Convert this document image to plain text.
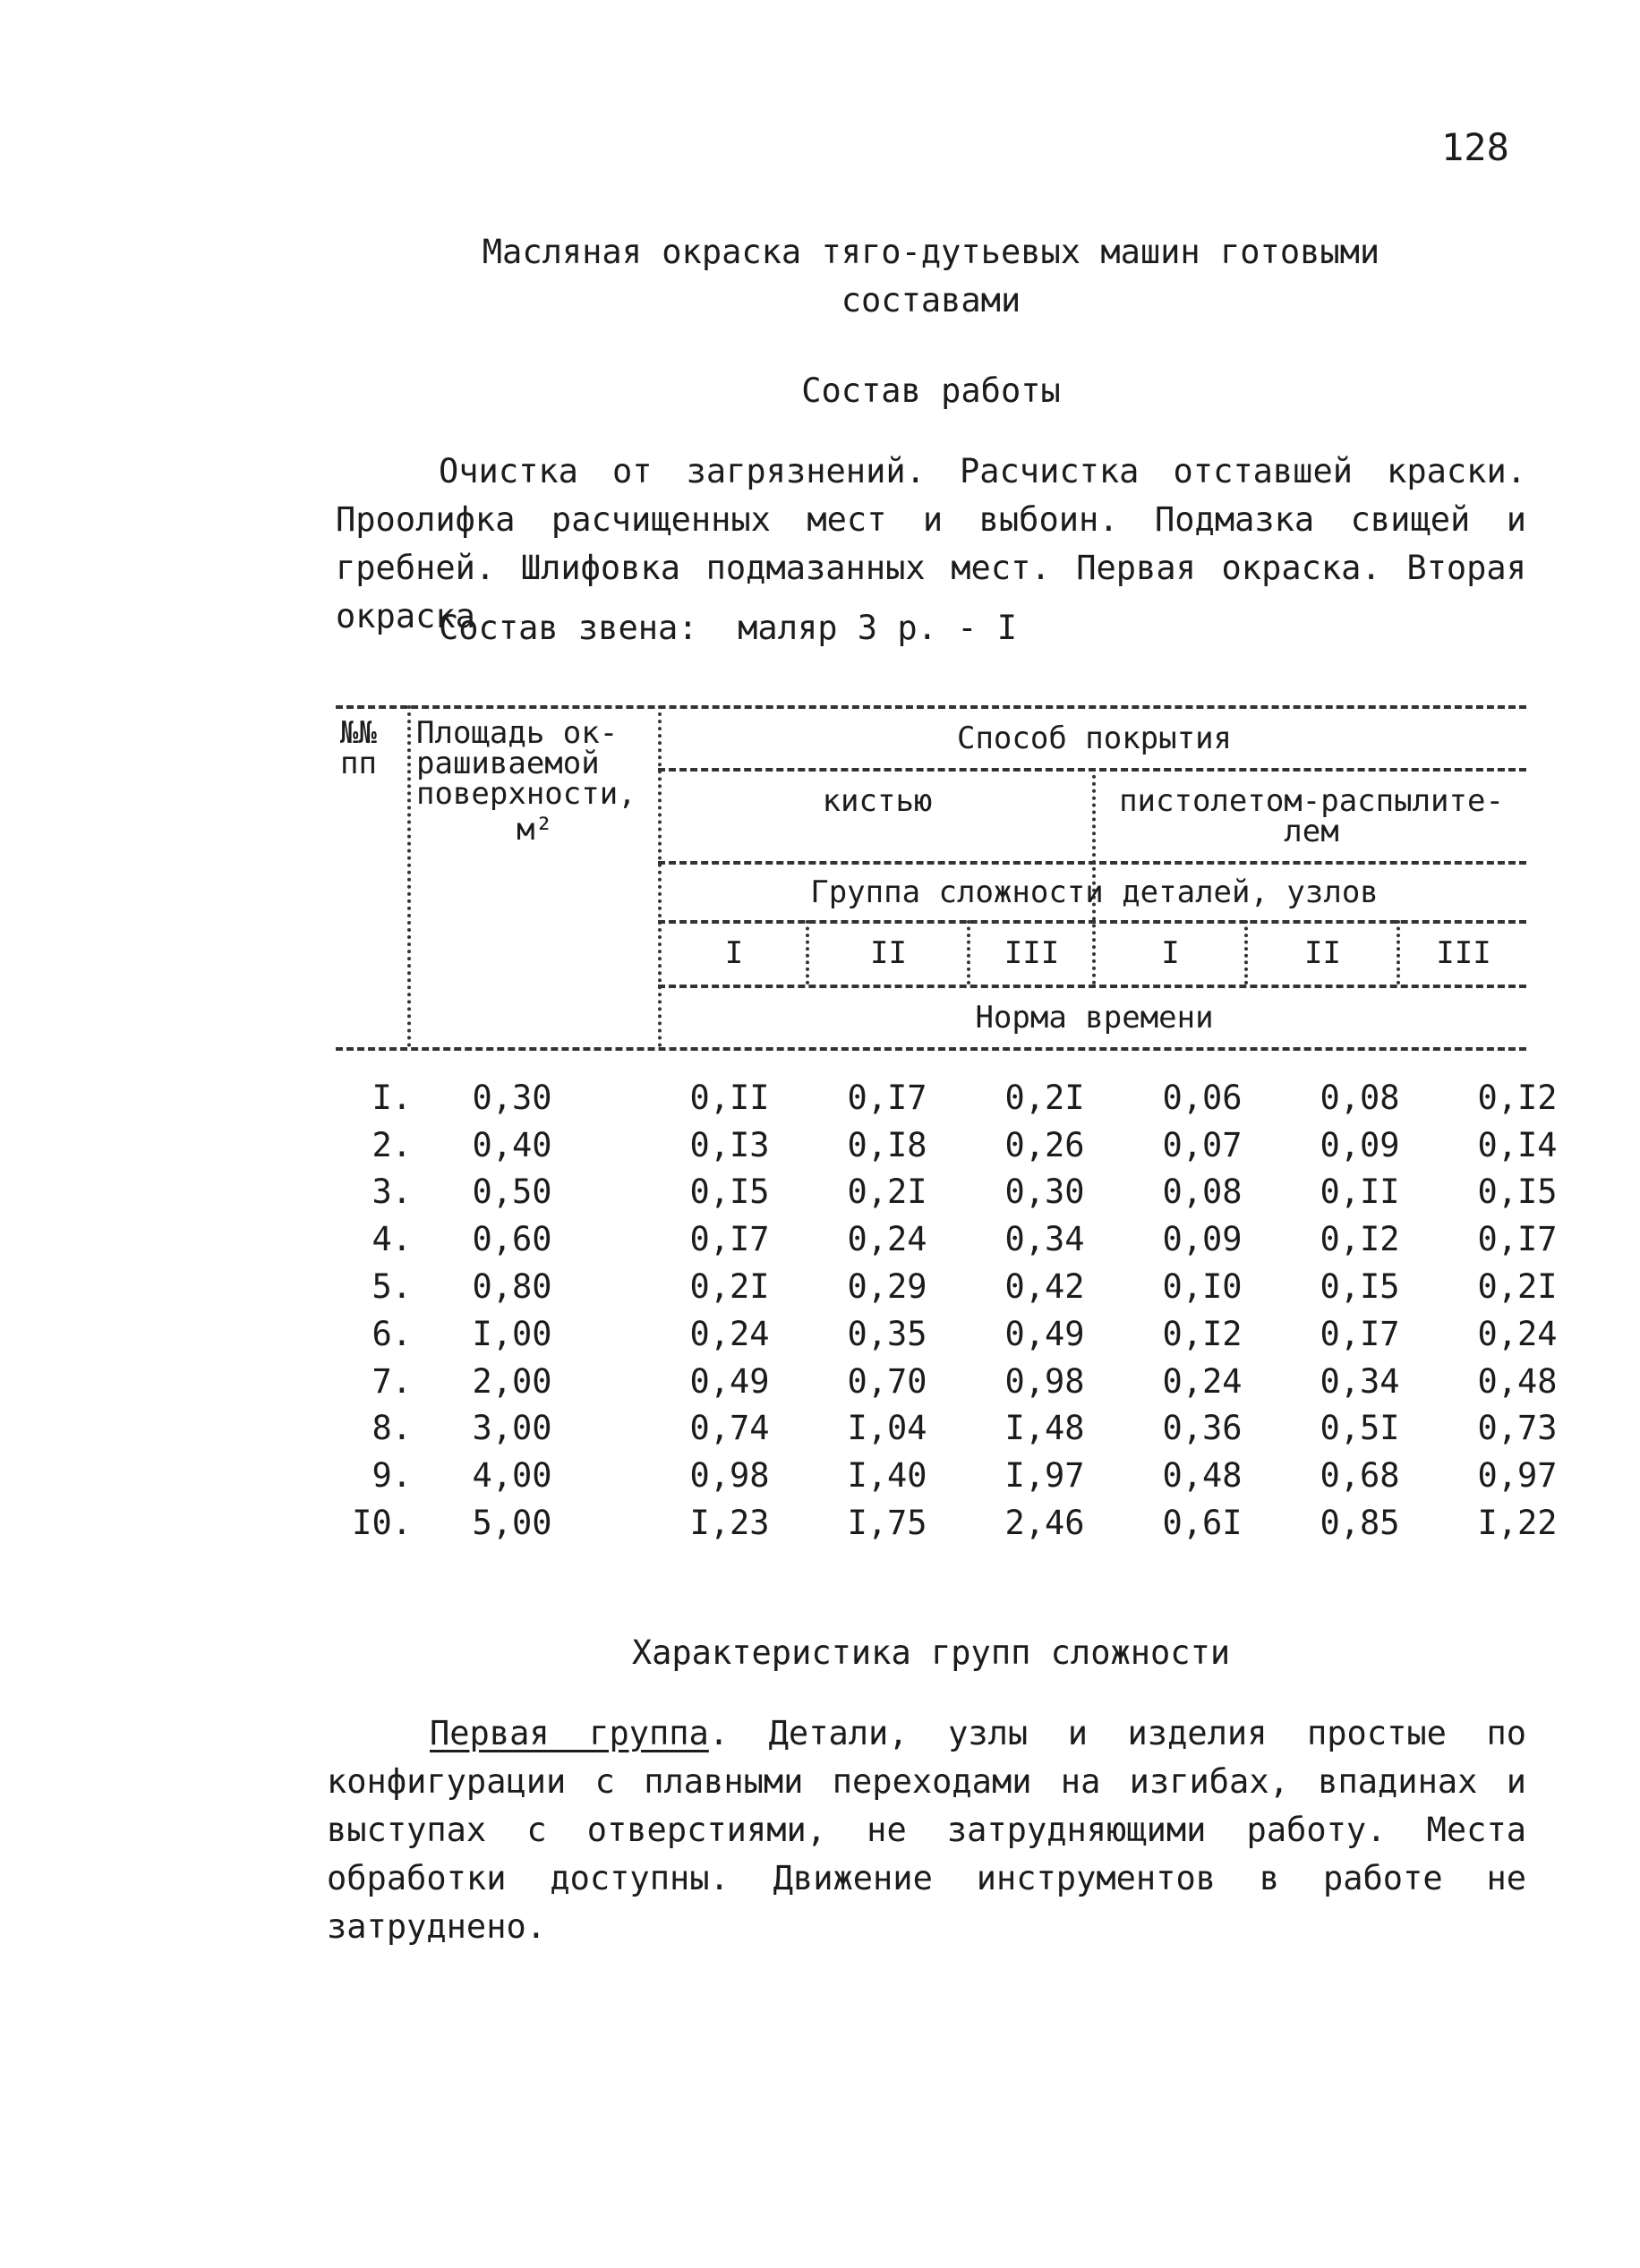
128
Масляная окраска тяго-дутьевых машин готовыми
составами
Состав работы
Очистка от загрязнений. Расчистка отставшей краски. Проолифка расчищенных мест и выбоин. Подмазка свищей и гребней. Шлифовка подмазанных мест. Первая окраска. Вторая окраска
Состав звена: маляр 3 р. - I
№№
пп
Площадь ок-
рашиваемой
поверхности,
м²
Способ покрытия
кистью	пистолетом-распылите-
лем
Группа сложности деталей, узлов
I	II	III	I	II	III
Норма времени
I.	0,30		0,II	0,I7	0,2I	0,06	0,08	0,I2
2.	0,40		0,I3	0,I8	0,26	0,07	0,09	0,I4
3.	0,50		0,I5	0,2I	0,30	0,08	0,II	0,I5
4.	0,60		0,I7	0,24	0,34	0,09	0,I2	0,I7
5.	0,80		0,2I	0,29	0,42	0,I0	0,I5	0,2I
6.	I,00		0,24	0,35	0,49	0,I2	0,I7	0,24
7.	2,00		0,49	0,70	0,98	0,24	0,34	0,48
8.	3,00		0,74	I,04	I,48	0,36	0,5I	0,73
9.	4,00		0,98	I,40	I,97	0,48	0,68	0,97
I0.	5,00		I,23	I,75	2,46	0,6I	0,85	I,22
Характеристика групп сложности
Первая группа. Детали, узлы и изделия простые по конфигурации с плавными переходами на изгибах, впадинах и выступах с отверстиями, не затрудняющими работу. Места обработки доступны. Движение инструментов в работе не затруднено.
